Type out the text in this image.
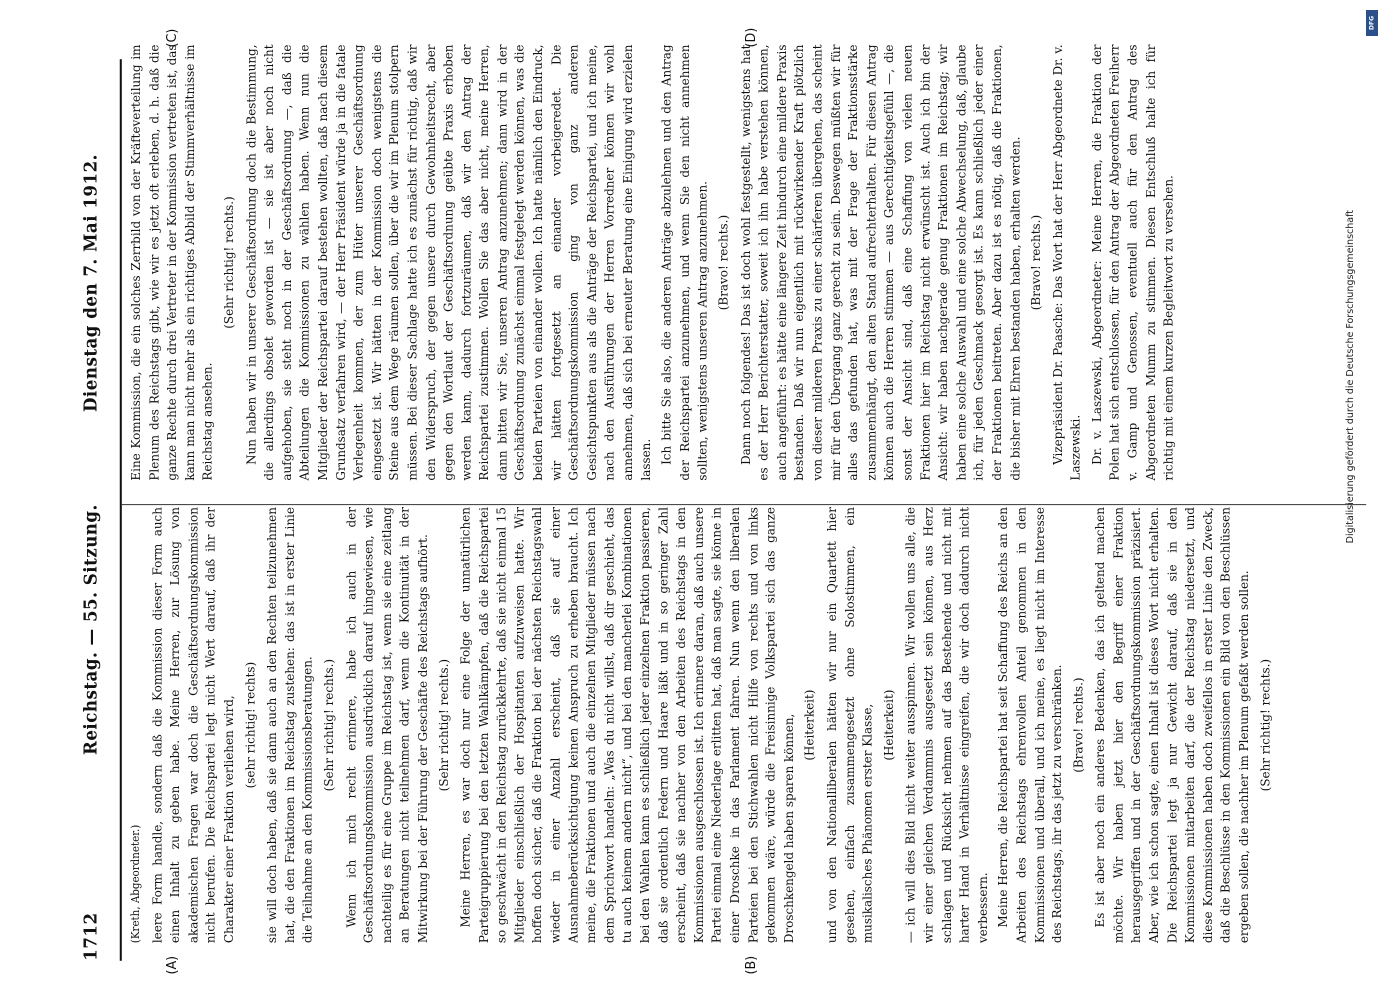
1712
Reichstag. — 55. Sitzung.
Dienstag den 7. Mai 1912.
(A)	(B)
(C)	(D)

(Kreth, Abgeordneter.) leere Form handle, sondern daß die Kommission dieser Form auch einen Inhalt zu geben habe. Meine Herren, zur Lösung von akademischen Fragen war doch die Geschäftsordnungskommission nicht berufen. Die Reichspartei legt nicht Wert darauf, daß ihr der Charakter einer Fraktion verliehen wird, (sehr richtig! rechts) sie will doch haben, daß sie dann auch an den Rechten teilzunehmen hat, die den Fraktionen im Reichstag zustehen: das ist in erster Linie die Teilnahme an den Kommissionsberatungen. (Sehr richtig! rechts.) Wenn ich mich recht erinnere, habe ich auch in der Geschäftsordnungskommission ausdrücklich darauf hingewiesen, wie nachteilig es für eine Gruppe im Reichstag ist, wenn sie eine zeitlang an Beratungen nicht teilnehmen darf, wenn die Kontinuität in der Mitwirkung bei der Führung der Geschäfte des Reichstags aufhört. (Sehr richtig! rechts.) Meine Herren, es war doch nur eine Folge der unnatürlichen Parteigruppierung bei den letzten Wahlkämpfen, daß die Reichspartei so geschwächt in den Reichstag zurückkehrte, daß sie nicht einmal 15 Mitglieder einschließlich der Hospitanten aufzuweisen hatte. Wir hoffen doch sicher, daß die Fraktion bei der nächsten Reichstagswahl wieder in einer Anzahl erscheint, daß sie auf einer Ausnahmeberücksichtigung keinen Anspruch zu erheben braucht. Ich meine, die Fraktionen und auch die einzelnen Mitglieder müssen nach dem Sprichwort handeln: „Was du nicht willst, daß dir geschieht, das tu auch keinem andern nicht“, und bei den mancherlei Kombinationen bei den Wahlen kann es schließlich jeder einzelnen Fraktion passieren, daß sie ordentlich Federn und Haare läßt und in so geringer Zahl erscheint, daß sie nachher von den Arbeiten des Reichstags in den Kommissionen ausgeschlossen ist. Ich erinnere daran, daß auch unsere Partei einmal eine Niederlage erlitten hat, daß man sagte, sie könne in einer Droschke in das Parlament fahren. Nun wenn den liberalen Parteien bei den Stichwahlen nicht Hilfe von rechts und von links gekommen wäre, würde die Freisinnige Volkspartei sich das ganze Droschkengeld haben sparen können, (Heiterkeit) und von den Nationalliberalen hätten wir nur ein Quartett hier gesehen, einfach zusammengesetzt ohne Solostimmen, ein musikalisches Phänomen erster Klasse, (Heiterkeit) — ich will dies Bild nicht weiter ausspinnen. Wir wollen uns alle, die wir einer gleichen Verdammnis ausgesetzt sein können, aus Herz schlagen und Rücksicht nehmen auf das Bestehende und nicht mit harter Hand in Verhältnisse eingreifen, die wir doch dadurch nicht verbessern. Meine Herren, die Reichspartei hat seit Schaffung des Reichs an den Arbeiten des Reichstags ehrenvollen Anteil genommen in den Kommissionen und überall, und ich meine, es liegt nicht im Interesse des Reichstags, ihr das jetzt zu verschränken. (Bravo! rechts.) Es ist aber noch ein anderes Bedenken, das ich geltend machen möchte. Wir haben jetzt hier den Begriff einer Fraktion herausgegriffen und in der Geschäftsordnungskommission präzisiert. Aber, wie ich schon sagte, einen Inhalt ist dieses Wort nicht erhalten. Die Reichspartei legt ja nur Gewicht darauf, daß sie in den Kommissionen mitarbeiten darf, die der Reichstag niedersetzt, und diese Kommissionen haben doch zweifellos in erster Linie den Zweck, daß die Beschlüsse in den Kommissionen ein Bild von den Beschlüssen ergeben sollen, die nachher im Plenum gefaßt werden sollen. (Sehr richtig! rechts.)

Eine Kommission, die ein solches Zerrbild von der Kräfteverteilung im Plenum des Reichstags gibt, wie wir es jetzt oft erleben, d. h. daß die ganze Rechte durch drei Vertreter in der Kommission vertreten ist, das kann man nicht mehr als ein richtiges Abbild der Stimmverhältnisse im Reichstag ansehen.

(Sehr richtig! rechts.) Nun haben wir in unserer Geschäftsordnung doch die Bestimmung, die allerdings obsolet geworden ist — sie ist aber noch nicht aufgehoben, sie steht noch in der Geschäftsordnung —, daß die Abteilungen die Kommissionen zu wählen haben. Wenn nun die Mitglieder der Reichspartei darauf bestehen wollten, daß nach diesem Grundsatz verfahren wird, — der Herr Präsident würde ja in die fatale Verlegenheit kommen, der zum Hüter unserer Geschäftsordnung eingesetzt ist. Wir hätten in der Kommission doch wenigstens die Steine aus dem Wege räumen sollen, über die wir im Plenum stolpern müssen. Bei dieser Sachlage hatte ich es zunächst für richtig, daß wir den Widerspruch, der gegen unsere durch Gewohnheitsrecht, aber gegen den Wortlaut der Geschäftsordnung geübte Praxis erhoben werden kann, dadurch fortzuräumen, daß wir den Antrag der Reichspartei zustimmen. Wollen Sie das aber nicht, meine Herren, dann bitten wir Sie, unseren Antrag anzunehmen; dann wird in der Geschäftsordnung zunächst einmal festgelegt werden können, was die beiden Parteien von einander wollen. Ich hatte nämlich den Eindruck, wir hätten fortgesetzt an einander vorbeigeredet. Die Geschäftsordnungskommission ging von ganz anderen Gesichtspunkten aus als die Anträge der Reichspartei, und ich meine, nach den Ausführungen der Herren Vorredner können wir wohl annehmen, daß sich bei erneuter Beratung eine Einigung wird erzielen lassen. Ich bitte Sie also, die anderen Anträge abzulehnen und den Antrag der Reichspartei anzunehmen, und wenn Sie den nicht annehmen sollten, wenigstens unseren Antrag anzunehmen. (Bravo! rechts.) Dann noch folgendes! Das ist doch wohl festgestellt, wenigstens hat es der Herr Berichterstatter, soweit ich ihn habe verstehen können, auch angeführt: es hätte eine längere Zeit hindurch eine mildere Praxis bestanden. Daß wir nun eigentlich mit rückwirkender Kraft plötzlich von dieser milderen Praxis zu einer schärferen übergehen, das scheint mir für den Übergang ganz gerecht zu sein. Deswegen müßten wir für alles das gefunden hat, was mit der Frage der Fraktionsstärke zusammenhängt, den alten Stand aufrechterhalten. Für diesen Antrag können auch die Herren stimmen — aus Gerechtigkeitsgefühl —, die sonst der Ansicht sind, daß eine Schaffung von vielen neuen Fraktionen hier im Reichstag nicht erwünscht ist. Auch ich bin der Ansicht: wir haben nachgerade genug Fraktionen im Reichstag; wir haben eine solche Auswahl und eine solche Abwechselung, daß, glaube ich, für jeden Geschmack gesorgt ist. Es kann schließlich jeder einer der Fraktionen beitreten. Aber dazu ist es nötig, daß die Fraktionen, die bisher mit Ehren bestanden haben, erhalten werden. (Bravo! rechts.) Vizepräsident Dr. Paasche: Das Wort hat der Herr Abgeordnete Dr. v. Laszewski. Dr. v. Laszewski, Abgeordneter: Meine Herren, die Fraktion der Polen hat sich entschlossen, für den Antrag der Abgeordneten Freiherr v. Gamp und Genossen, eventuell auch für den Antrag des Abgeordneten Mumm zu stimmen. Diesen Entschluß halte ich für richtig mit einem kurzen Begleitwort zu versehen.

DFG
Digitalisierung gefördert durch die Deutsche Forschungsgemeinschaft
